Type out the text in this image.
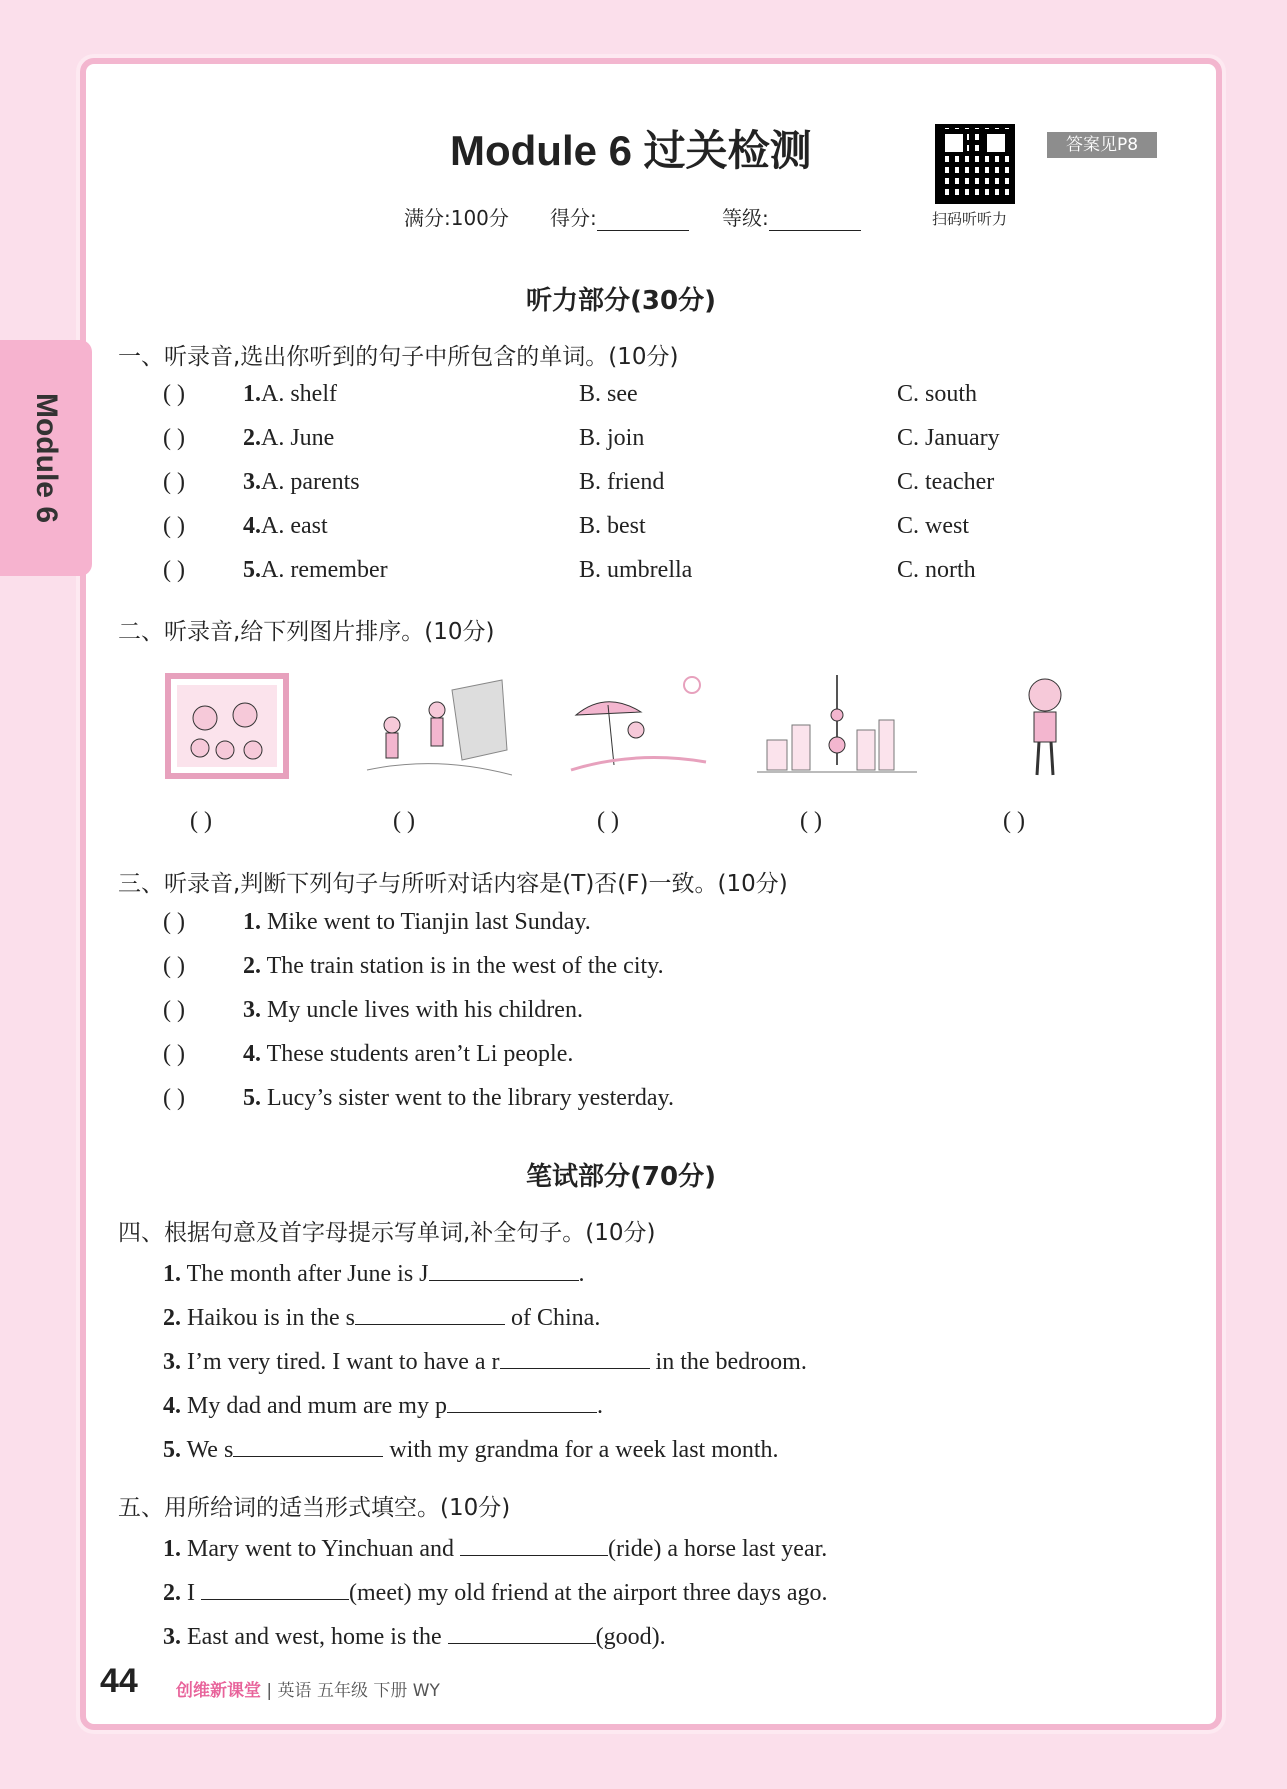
Module 6
Module 6 过关检测
扫码听听力
答案见P8
满分:100分 得分:	等级:
听力部分(30分)
一、听录音,选出你听到的句子中所包含的单词。(10分)
二、听录音,给下列图片排序。(10分)
三、听录音,判断下列句子与所听对话内容是(T)否(F)一致。(10分)
笔试部分(70分)
四、根据句意及首字母提示写单词,补全句子。(10分)
五、用所给词的适当形式填空。(10分)
44 创维新课堂 | 英语 五年级 下册 WY
( ) 1.A. shelf	B. see	C. south
( ) 2.A. June	B. join	C. January
( ) 3.A. parents	B. friend	C. teacher
( ) 4.A. east	B. best	C. west
( ) 5.A. remember	B. umbrella	C. north
( )	( )	( )	( )	( )
( ) 1. Mike went to Tianjin last Sunday.
( ) 2. The train station is in the west of the city.
( ) 3. My uncle lives with his children.
( ) 4. These students aren’t Li people.
( ) 5. Lucy’s sister went to the library yesterday.
1. The month after June is J	.
2. Haikou is in the s	of China.
3. I’m very tired. I want to have a r	in the bedroom.
4. My dad and mum are my p	.
5. We s	with my grandma for a week last month.
1. Mary went to Yinchuan and	(ride) a horse last year.
2. I	(meet) my old friend at the airport three days ago.
3. East and west, home is the	(good).
